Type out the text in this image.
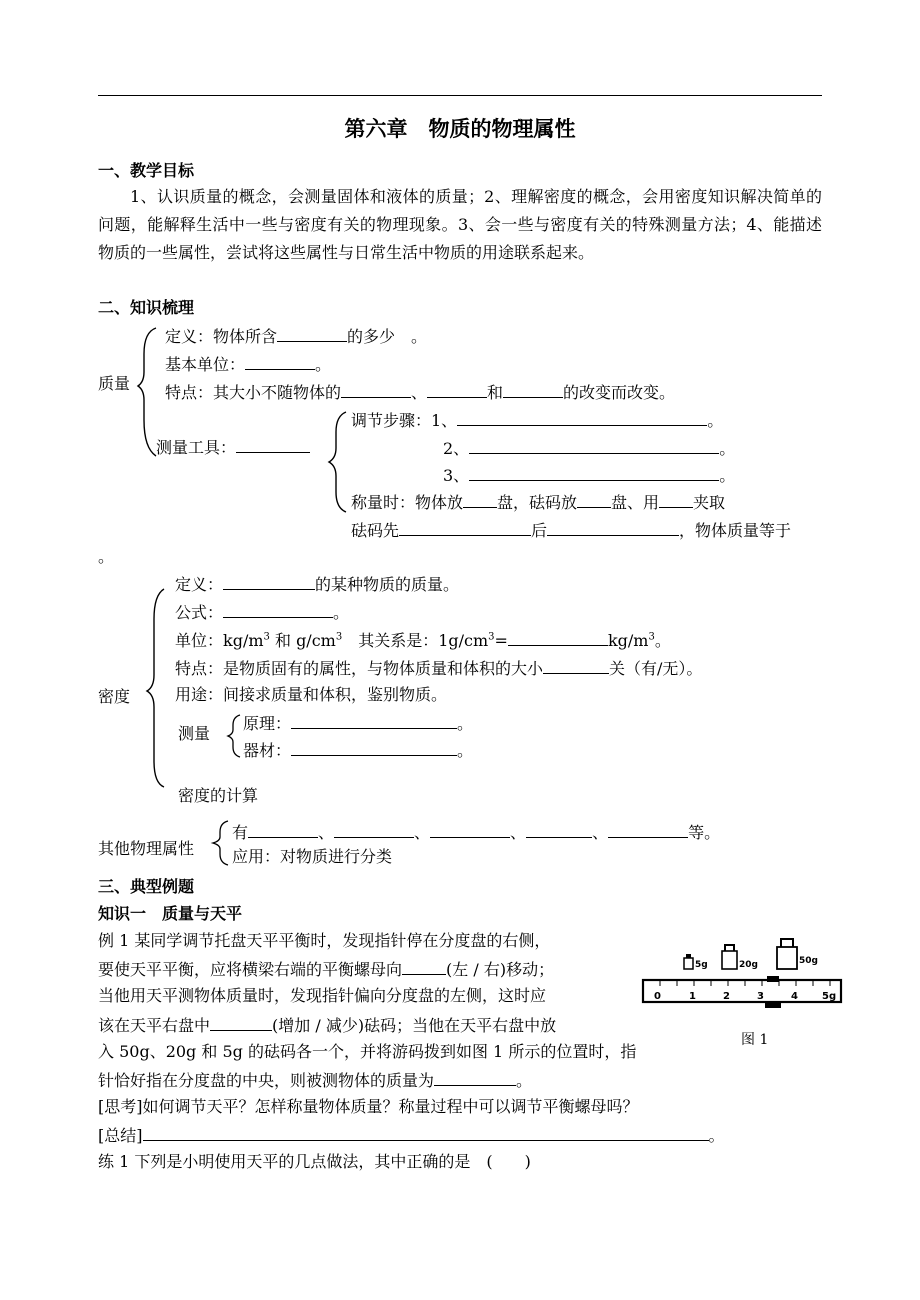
第六章　物质的物理属性
一、教学目标
1、认识质量的概念，会测量固体和液体的质量；2、理解密度的概念，会用密度知识解决简单的问题，能解释生活中一些与密度有关的物理现象。3、会一些与密度有关的特殊测量方法；4、能描述物质的一些属性，尝试将这些属性与日常生活中物质的用途联系起来。
二、知识梳理
质量
定义：物体所含	的多少　。
基本单位：	。
特点：其大小不随物体的	、	和	的改变而改变。
测量工具：
调节步骤：1、	。
2、	。
3、	。
称量时：物体放 盘，砝码放 盘、用 夹取
砝码先	后	，物体质量等于
。
密度
定义：	的某种物质的质量。
公式：	。
单位：$kg/m^3$ 和 $g/cm^3$　其关系是：$1g/cm^3=$	$kg/m^3$。
特点：是物质固有的属性，与物体质量和体积的大小	关（有/无）。
用途：间接求质量和体积，鉴别物质。
测量
原理：	。
器材：	。
密度的计算
其他物理属性
有	、	、	、	、	等。
应用：对物质进行分类
三、典型例题
知识一　质量与天平
例 1 某同学调节托盘天平平衡时，发现指针停在分度盘的右侧，
要使天平平衡，应将横梁右端的平衡螺母向	(左 / 右)移动；
当他用天平测物体质量时，发现指针偏向分度盘的左侧，这时应
该在天平右盘中	(增加 / 减少)砝码；当他在天平右盘中放
入 50g、20g 和 5g 的砝码各一个，并将游码拨到如图 1 所示的位置时，指
针恰好指在分度盘的中央，则被测物体的质量为	。
[思考]如何调节天平？怎样称量物体质量？称量过程中可以调节平衡螺母吗？
[总结]	。
练 1 下列是小明使用天平的几点做法，其中正确的是　(　　)
5g	20g	50g
0	1	2	3	4 5g
图 1
